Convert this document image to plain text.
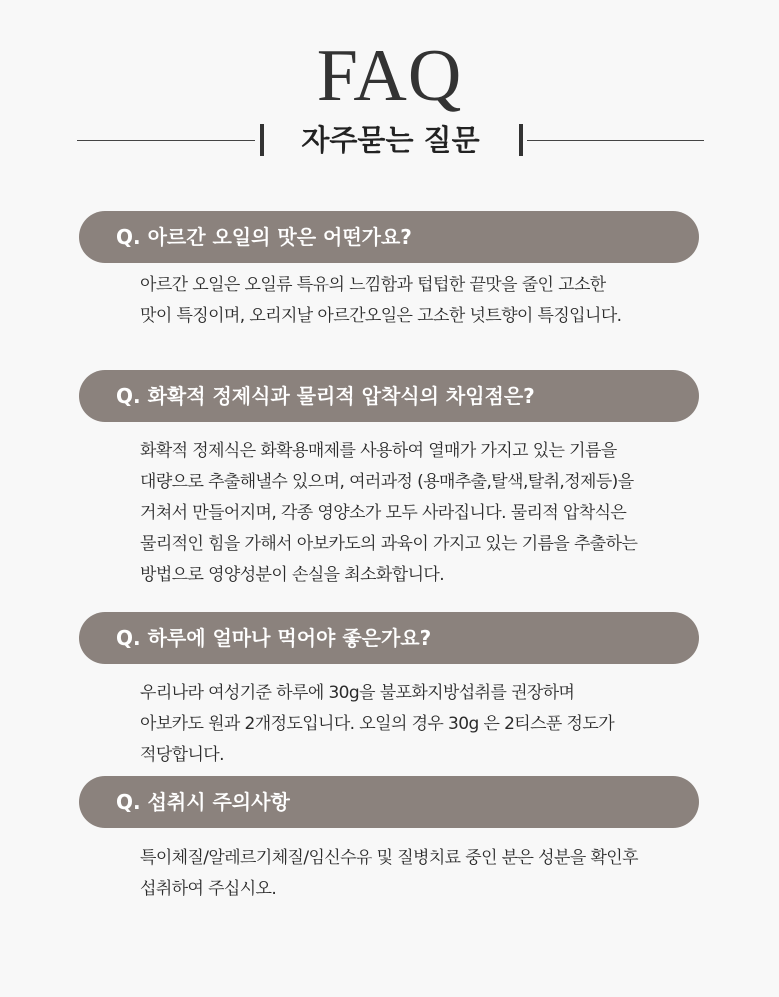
FAQ
자주묻는 질문
Q. 아르간 오일의 맛은 어떤가요?
아르간 오일은 오일류 특유의 느낌함과 텁텁한 끝맛을 줄인 고소한
맛이 특징이며, 오리지날 아르간오일은 고소한 넛트향이 특징입니다.
Q. 화확적 정제식과 물리적 압착식의 차임점은?
화확적 정제식은 화확용매제를 사용하여 열매가 가지고 있는 기름을
대량으로 추출해낼수 있으며, 여러과정 (용매추출,탈색,탈취,정제등)을
거쳐서 만들어지며, 각종 영양소가 모두 사라집니다. 물리적 압착식은
물리적인 힘을 가해서 아보카도의 과육이 가지고 있는 기름을 추출하는
방법으로 영양성분이 손실을 최소화합니다.
Q. 하루에 얼마나 먹어야 좋은가요?
우리나라 여성기준 하루에 30g을 불포화지방섭취를 권장하며
아보카도 원과 2개정도입니다. 오일의 경우 30g 은 2티스푼 정도가
적당합니다.
Q. 섭취시 주의사항
특이체질/알레르기체질/임신수유 및 질병치료 중인 분은 성분을 확인후
섭취하여 주십시오.
